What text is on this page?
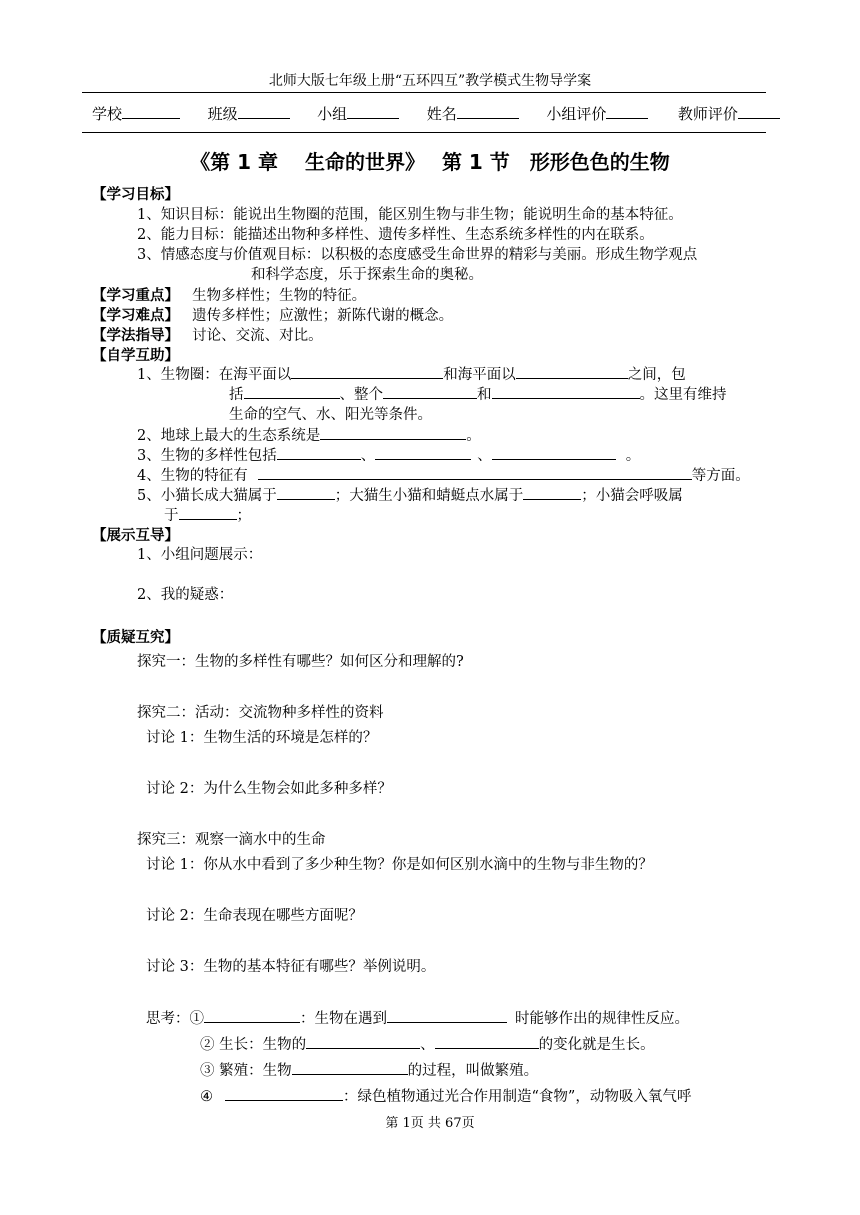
北师大版七年级上册“五环四互”教学模式生物导学案
学校	班级	小组	姓名	小组评价	教师评价
《第 1 章　 生命的世界》　 第 1 节　形形色色的生物
【学习目标】
1、知识目标：能说出生物圈的范围，能区别生物与非生物；能说明生命的基本特征。
2、能力目标：能描述出物种多样性、遗传多样性、生态系统多样性的内在联系。
3、情感态度与价值观目标：以积极的态度感受生命世界的精彩与美丽。形成生物学观点
和科学态度，乐于探索生命的奥秘。
【学习重点】 生物多样性；生物的特征。
【学习难点】 遗传多样性；应激性；新陈代谢的概念。
【学法指导】 讨论、交流、对比。
【自学互助】
1、生物圈：在海平面以	和海平面以	之间，包
括	、整个	和	。这里有维持
生命的空气、水、阳光等条件。
2、地球上最大的生态系统是	。
3、生物的多样性包括	、	、	。
4、生物的特征有	等方面。
5、小猫长成大猫属于	；大猫生小猫和蜻蜓点水属于	；小猫会呼吸属
于	；
【展示互导】
1、小组问题展示：
2、我的疑惑：
【质疑互究】
探究一：生物的多样性有哪些？如何区分和理解的?
探究二：活动：交流物种多样性的资料
讨论 1：生物生活的环境是怎样的？
讨论 2：为什么生物会如此多种多样？
探究三：观察一滴水中的生命
讨论 1：你从水中看到了多少种生物？你是如何区别水滴中的生物与非生物的？
讨论 2：生命表现在哪些方面呢？
讨论 3：生物的基本特征有哪些？举例说明。
思考：①	：生物在遇到	时能够作出的规律性反应。
② 生长：生物的	、	的变化就是生长。
③ 繁殖：生物	的过程，叫做繁殖。
④	：绿色植物通过光合作用制造“食物”，动物吸入氧气呼
第 1页 共 67页
